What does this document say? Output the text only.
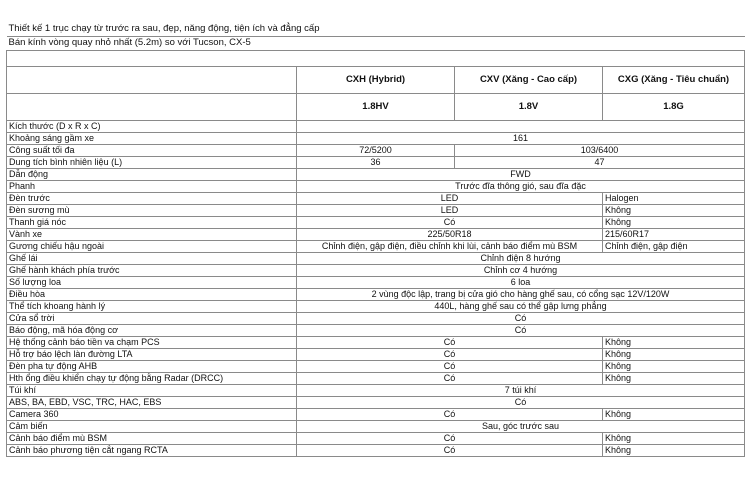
Thiết kế 1 trục chạy từ trước ra sau, đẹp, năng động, tiện ích và đẳng cấp			
Bán kính vòng quay nhỏ nhất (5.2m) so với Tucson, CX-5			

	CXH (Hybrid)	CXV (Xăng - Cao cấp)	CXG (Xăng - Tiêu chuẩn)
	1.8HV	1.8V	1.8G
Kích thước (D x R x C)			
Khoảng sáng gầm xe	161		
Công suất tối đa	72/5200	103/6400	
Dung tích bình nhiên liệu (L)	36	47	
Dẫn động	FWD		
Phanh	Trước đĩa thông gió, sau đĩa đặc		
Đèn trước	LED		Halogen
Đèn sương mù	LED		Không
Thanh giá nóc	Có		Không
Vành xe	225/50R18		215/60R17
Gương chiếu hậu ngoài	Chỉnh điện, gập điện, điều chỉnh khi lùi, cảnh báo điểm mù BSM		Chỉnh điện, gập điện
Ghế lái	Chỉnh điện 8 hướng		
Ghế hành khách phía trước	Chỉnh cơ 4 hướng		
Số lượng loa	6 loa		
Điều hòa	2 vùng độc lập, trang bị cửa gió cho hàng ghế sau, có cổng sạc 12V/120W		
Thể tích khoang hành lý	440L, hàng ghế sau có thể gập lưng phẳng		
Cửa sổ trời	Có		
Báo động, mã hóa động cơ	Có		
Hệ thống cảnh báo tiền va chạm PCS	Có		Không
Hỗ trợ báo lệch làn đường LTA	Có		Không
Đèn pha tự động AHB	Có		Không
Hth ổng điều khiển chạy tự động bằng Radar (DRCC)	Có		Không
Túi khí	7 túi khí		
ABS, BA, EBD, VSC, TRC, HAC, EBS	Có		
Camera 360	Có		Không
Cảm biến	Sau, góc trước sau		
Cảnh báo điểm mù BSM	Có		Không
Cảnh báo phương tiện cắt ngang RCTA	Có		Không
